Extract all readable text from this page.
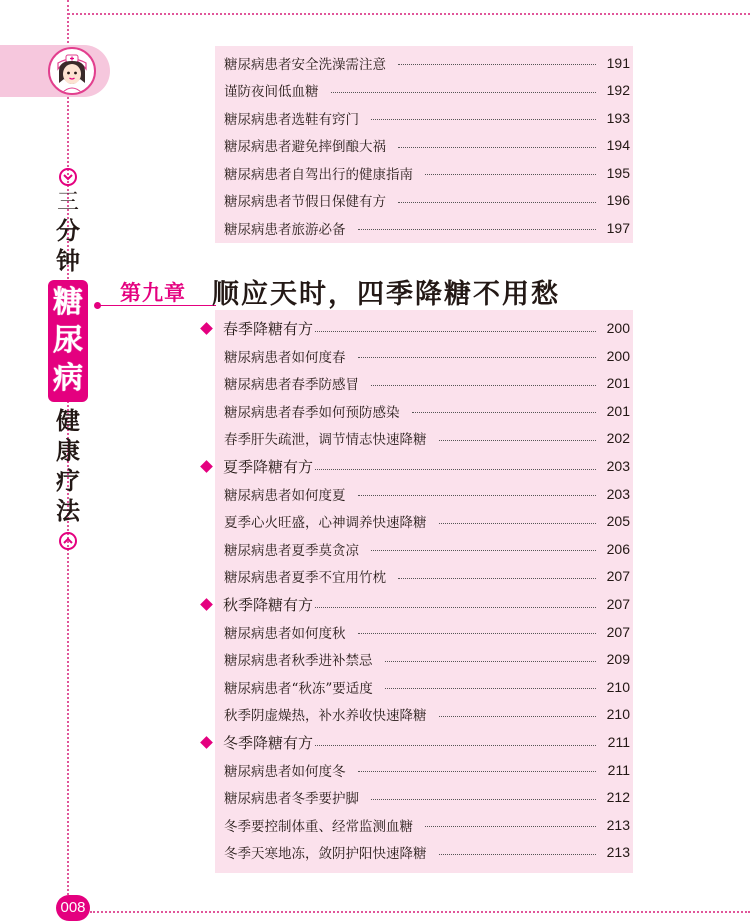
三
分
钟
糖
尿
病
健
康
疗
法
糖尿病患者安全洗澡需注意	191
谨防夜间低血糖	192
糖尿病患者选鞋有窍门	193
糖尿病患者避免摔倒酿大祸	194
糖尿病患者自驾出行的健康指南	195
糖尿病患者节假日保健有方	196
糖尿病患者旅游必备	197
第九章 顺应天时，四季降糖不用愁
春季降糖有方	200
糖尿病患者如何度春	200
糖尿病患者春季防感冒	201
糖尿病患者春季如何预防感染	201
春季肝失疏泄，调节情志快速降糖	202
夏季降糖有方	203
糖尿病患者如何度夏	203
夏季心火旺盛，心神调养快速降糖	205
糖尿病患者夏季莫贪凉	206
糖尿病患者夏季不宜用竹枕	207
秋季降糖有方	207
糖尿病患者如何度秋	207
糖尿病患者秋季进补禁忌	209
糖尿病患者“秋冻”要适度	210
秋季阴虚燥热，补水养收快速降糖	210
冬季降糖有方	211
糖尿病患者如何度冬	211
糖尿病患者冬季要护脚	212
冬季要控制体重、经常监测血糖	213
冬季天寒地冻，敛阴护阳快速降糖	213
008
